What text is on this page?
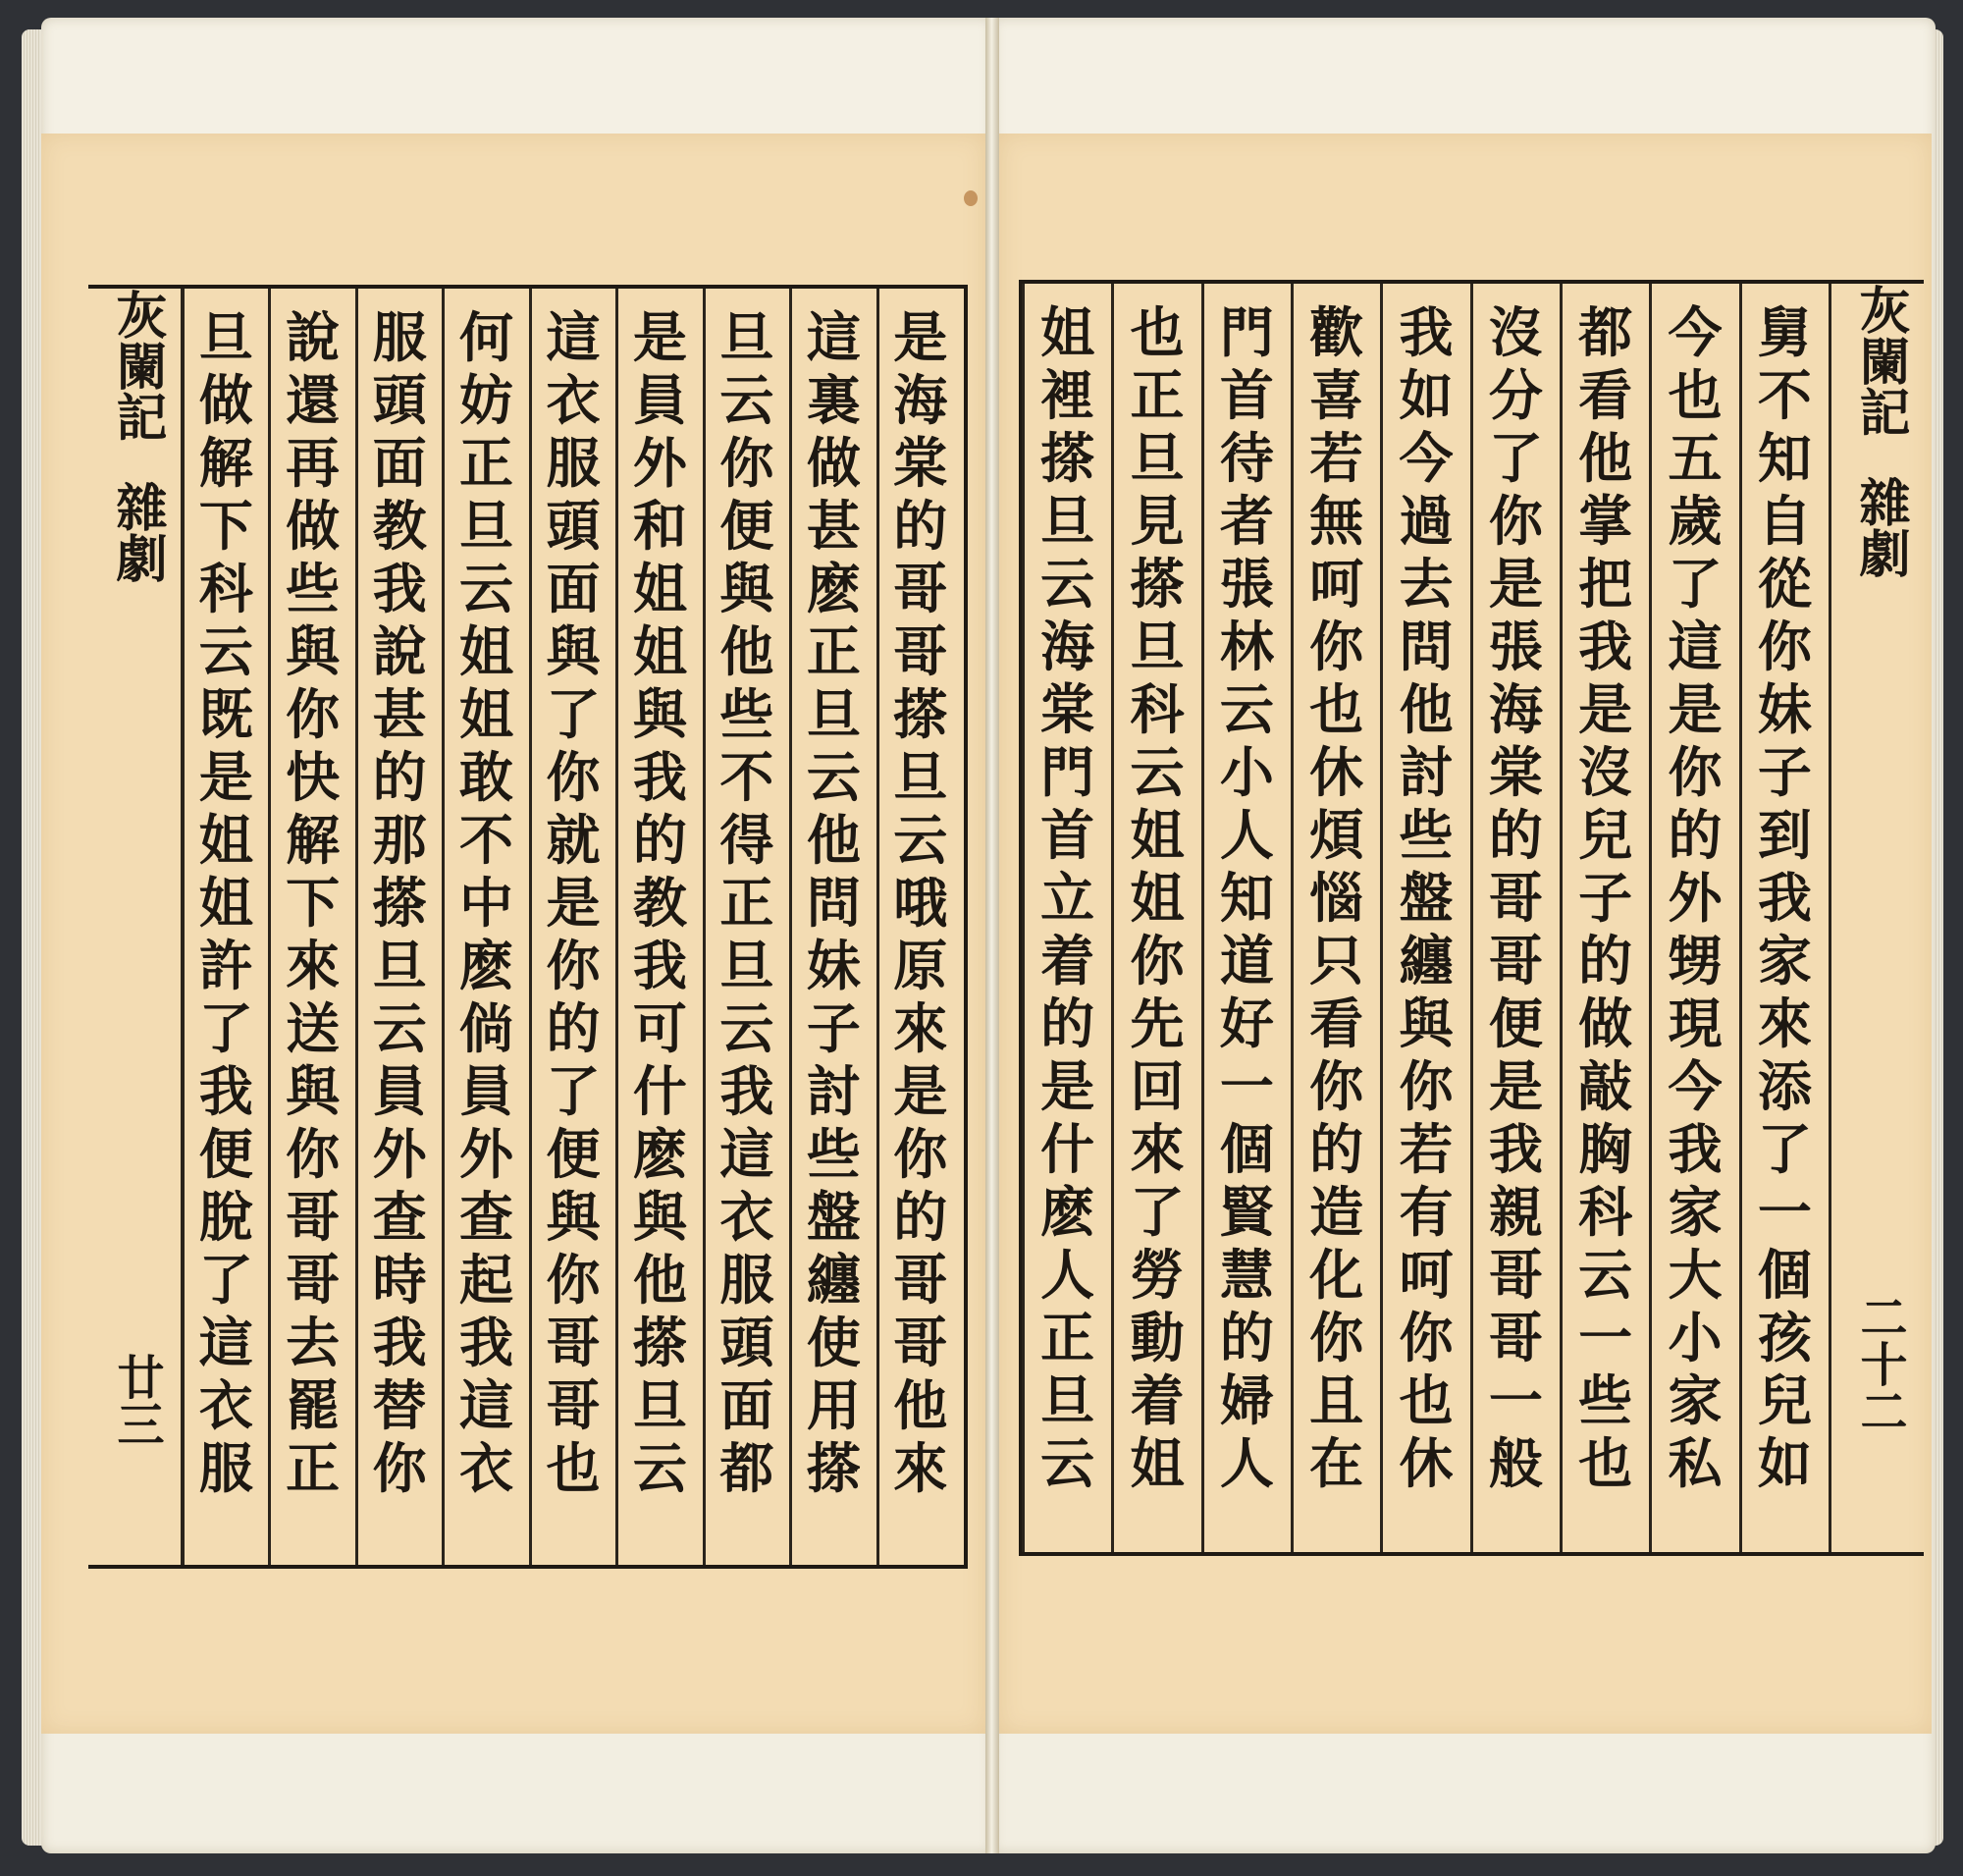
灰闌記
雜劇
廿三
是
海
棠
的
哥
哥
搽
旦
云
哦
原
來
是
你
的
哥
哥
他
來
這
裏
做
甚
麽
正
旦
云
他
問
妹
子
討
些
盤
纏
使
用
搽
旦
云
你
便
與
他
些
不
得
正
旦
云
我
這
衣
服
頭
面
都
是
員
外
和
姐
姐
與
我
的
教
我
可
什
麽
與
他
搽
旦
云
這
衣
服
頭
面
與
了
你
就
是
你
的
了
便
與
你
哥
哥
也
何
妨
正
旦
云
姐
姐
敢
不
中
麽
倘
員
外
查
起
我
這
衣
服
頭
面
教
我
說
甚
的
那
搽
旦
云
員
外
查
時
我
替
你
說
還
再
做
些
與
你
快
解
下
來
送
與
你
哥
哥
去
罷
正
旦
做
解
下
科
云
既
是
姐
姐
許
了
我
便
脫
了
這
衣
服
灰闌記
雜劇
二十二
舅
不
知
自
從
你
妹
子
到
我
家
來
添
了
一
個
孩
兒
如
今
也
五
歲
了
這
是
你
的
外
甥
現
今
我
家
大
小
家
私
都
看
他
掌
把
我
是
沒
兒
子
的
做
敲
胸
科
云
一
些
也
沒
分
了
你
是
張
海
棠
的
哥
哥
便
是
我
親
哥
哥
一
般
我
如
今
過
去
問
他
討
些
盤
纏
與
你
若
有
呵
你
也
休
歡
喜
若
無
呵
你
也
休
煩
惱
只
看
你
的
造
化
你
且
在
門
首
待
者
張
林
云
小
人
知
道
好
一
個
賢
慧
的
婦
人
也
正
旦
見
搽
旦
科
云
姐
姐
你
先
回
來
了
勞
動
着
姐
姐
裡
搽
旦
云
海
棠
門
首
立
着
的
是
什
麽
人
正
旦
云
